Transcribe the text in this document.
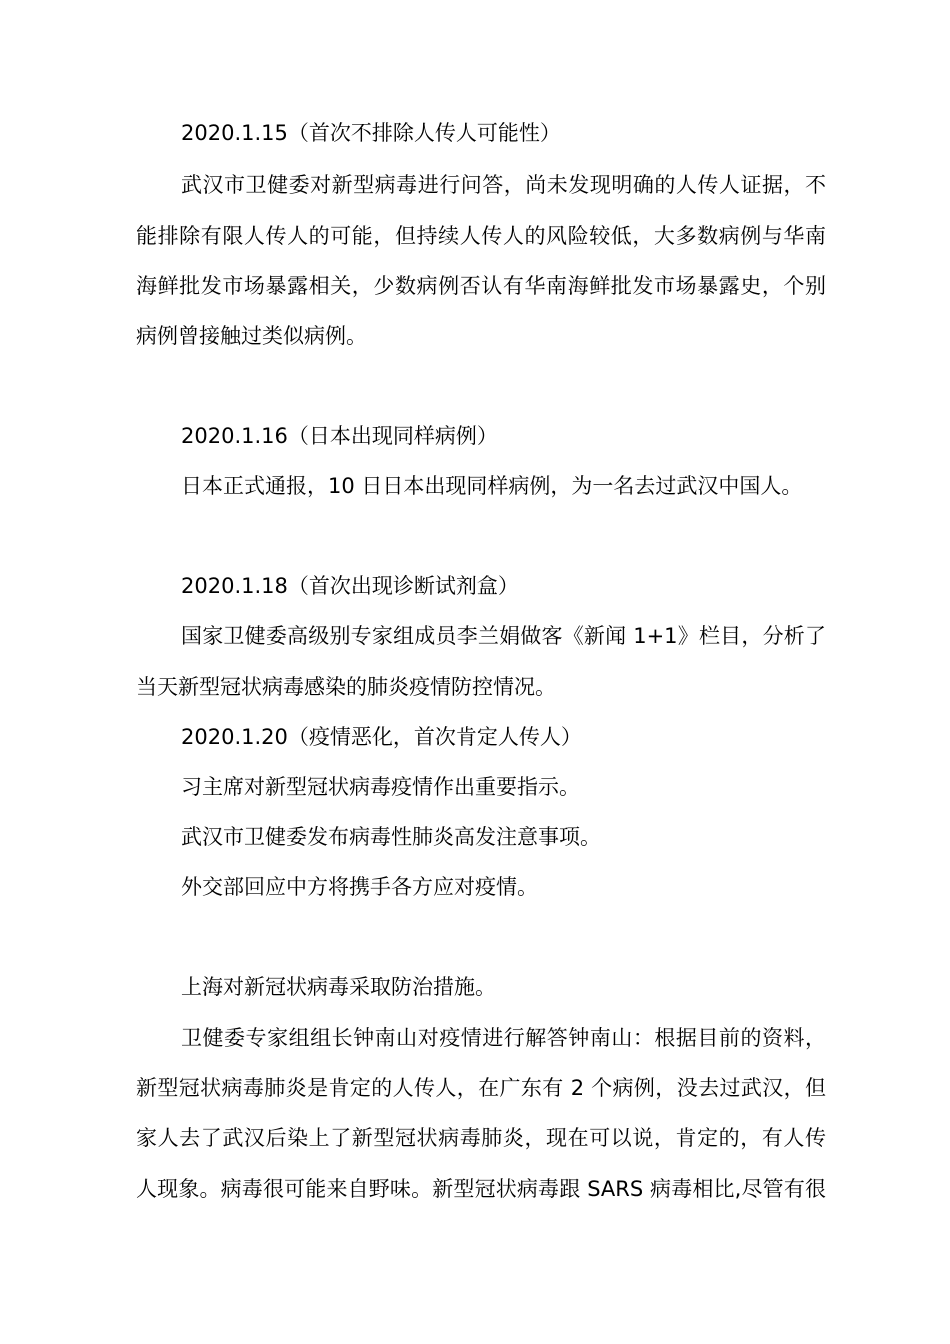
2020.1.15（首次不排除人传人可能性）

武汉市卫健委对新型病毒进行问答，尚未发现明确的人传人证据，不

能排除有限人传人的可能，但持续人传人的风险较低，大多数病例与华南

海鲜批发市场暴露相关，少数病例否认有华南海鲜批发市场暴露史，个别

病例曾接触过类似病例。

2020.1.16（日本出现同样病例）

日本正式通报，10 日日本出现同样病例，为一名去过武汉中国人。

2020.1.18（首次出现诊断试剂盒）

国家卫健委高级别专家组成员李兰娟做客《新闻 1+1》栏目，分析了

当天新型冠状病毒感染的肺炎疫情防控情况。

2020.1.20（疫情恶化，首次肯定人传人）

习主席对新型冠状病毒疫情作出重要指示。

武汉市卫健委发布病毒性肺炎高发注意事项。

外交部回应中方将携手各方应对疫情。

上海对新冠状病毒采取防治措施。

卫健委专家组组长钟南山对疫情进行解答钟南山：根据目前的资料，

新型冠状病毒肺炎是肯定的人传人，在广东有 2 个病例，没去过武汉，但

家人去了武汉后染上了新型冠状病毒肺炎，现在可以说，肯定的，有人传

人现象。病毒很可能来自野味。新型冠状病毒跟 SARS 病毒相比,尽管有很
